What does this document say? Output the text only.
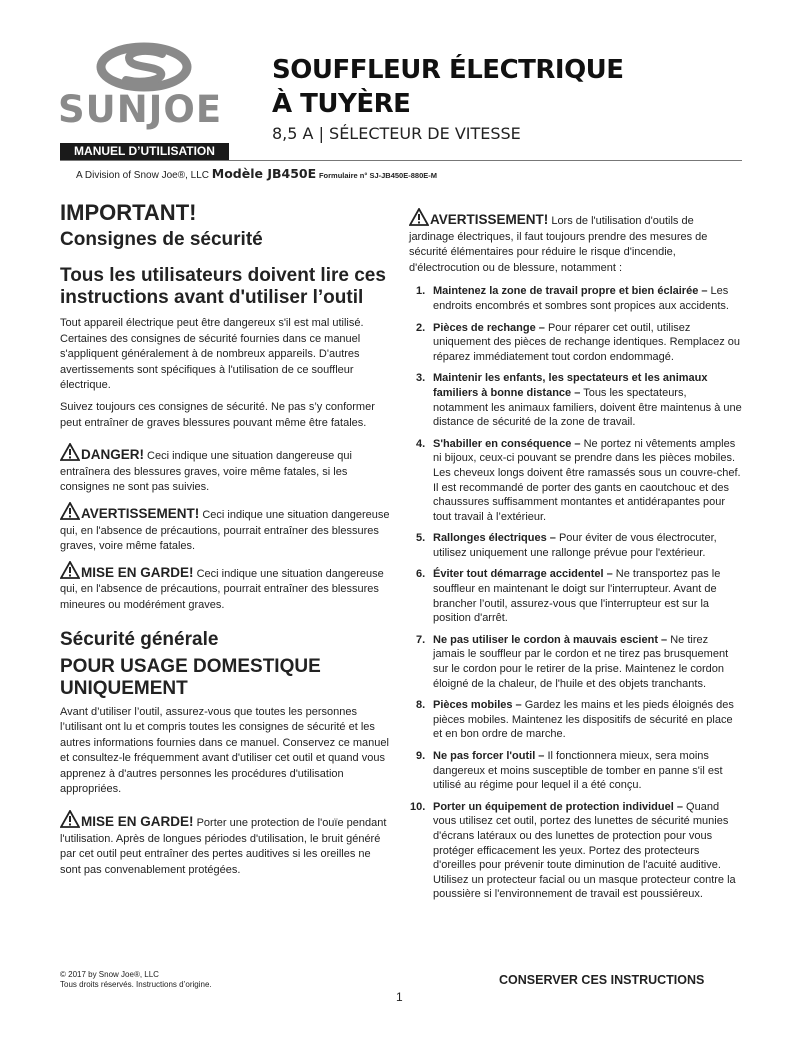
SUNJOE
MANUEL D’UTILISATION
SOUFFLEUR ÉLECTRIQUE
À TUYÈRE
8,5 A | SÉLECTEUR DE VITESSE
A Division of Snow Joe®, LLC Modèle JB450E Formulaire n° SJ-JB450E-880E-M
IMPORTANT!
Consignes de sécurité
Tous les utilisateurs doivent lire ces instructions avant d'utiliser l’outil

Tout appareil électrique peut être dangereux s'il est mal utilisé. Certaines des consignes de sécurité fournies dans ce manuel s'appliquent généralement à de nombreux appareils. D'autres avertissements sont spécifiques à l'utilisation de ce souffleur électrique.

Suivez toujours ces consignes de sécurité. Ne pas s’y conformer peut entraîner de graves blessures pouvant même être fatales.

DANGER! Ceci indique une situation dangereuse qui entraînera des blessures graves, voire même fatales, si les consignes ne sont pas suivies.

AVERTISSEMENT! Ceci indique une situation dangereuse qui, en l'absence de précautions, pourrait entraîner des blessures graves, voire même fatales.

MISE EN GARDE! Ceci indique une situation dangereuse qui, en l'absence de précautions, pourrait entraîner des blessures mineures ou modérément graves.

Sécurité générale
POUR USAGE DOMESTIQUE UNIQUEMENT

Avant d’utiliser l’outil, assurez-vous que toutes les personnes l’utilisant ont lu et compris toutes les consignes de sécurité et les autres informations fournies dans ce manuel. Conservez ce manuel et consultez-le fréquemment avant d'utiliser cet outil et quand vous apprenez à d'autres personnes les procédures d'utilisation appropriées.

MISE EN GARDE! Porter une protection de l'ouïe pendant l'utilisation. Après de longues périodes d'utilisation, le bruit généré par cet outil peut entraîner des pertes auditives si les oreilles ne sont pas convenablement protégées.

AVERTISSEMENT! Lors de l'utilisation d'outils de jardinage électriques, il faut toujours prendre des mesures de sécurité élémentaires pour réduire le risque d'incendie, d'électrocution ou de blessure, notamment :

1. Maintenez la zone de travail propre et bien éclairée – Les endroits encombrés et sombres sont propices aux accidents.
2. Pièces de rechange – Pour réparer cet outil, utilisez uniquement des pièces de rechange identiques. Remplacez ou réparez immédiatement tout cordon endommagé.
3. Maintenir les enfants, les spectateurs et les animaux familiers à bonne distance – Tous les spectateurs, notamment les animaux familiers, doivent être maintenus à une distance de sécurité de la zone de travail.
4. S'habiller en conséquence – Ne portez ni vêtements amples ni bijoux, ceux-ci pouvant se prendre dans les pièces mobiles. Les cheveux longs doivent être ramassés sous un couvre-chef. Il est recommandé de porter des gants en caoutchouc et des chaussures suffisamment montantes et antidérapantes pour tout travail à l’extérieur.
5. Rallonges électriques – Pour éviter de vous électrocuter, utilisez uniquement une rallonge prévue pour l'extérieur.
6. Éviter tout démarrage accidentel – Ne transportez pas le souffleur en maintenant le doigt sur l'interrupteur. Avant de brancher l’outil, assurez-vous que l'interrupteur est sur la position d'arrêt.
7. Ne pas utiliser le cordon à mauvais escient – Ne tirez jamais le souffleur par le cordon et ne tirez pas brusquement sur le cordon pour le retirer de la prise. Maintenez le cordon éloigné de la chaleur, de l'huile et des objets tranchants.
8. Pièces mobiles – Gardez les mains et les pieds éloignés des pièces mobiles. Maintenez les dispositifs de sécurité en place et en bon ordre de marche.
9. Ne pas forcer l'outil – Il fonctionnera mieux, sera moins dangereux et moins susceptible de tomber en panne s'il est utilisé au régime pour lequel il a été conçu.
10. Porter un équipement de protection individuel – Quand vous utilisez cet outil, portez des lunettes de sécurité munies d'écrans latéraux ou des lunettes de protection pour vous protéger efficacement les yeux. Portez des protecteurs d'oreilles pour prévenir toute diminution de l'acuité auditive. Utilisez un protecteur facial ou un masque protecteur contre la poussière si l'environnement de travail est poussiéreux.
© 2017 by Snow Joe®, LLC
Tous droits réservés. Instructions d’origine.	CONSERVER CES INSTRUCTIONS
1
